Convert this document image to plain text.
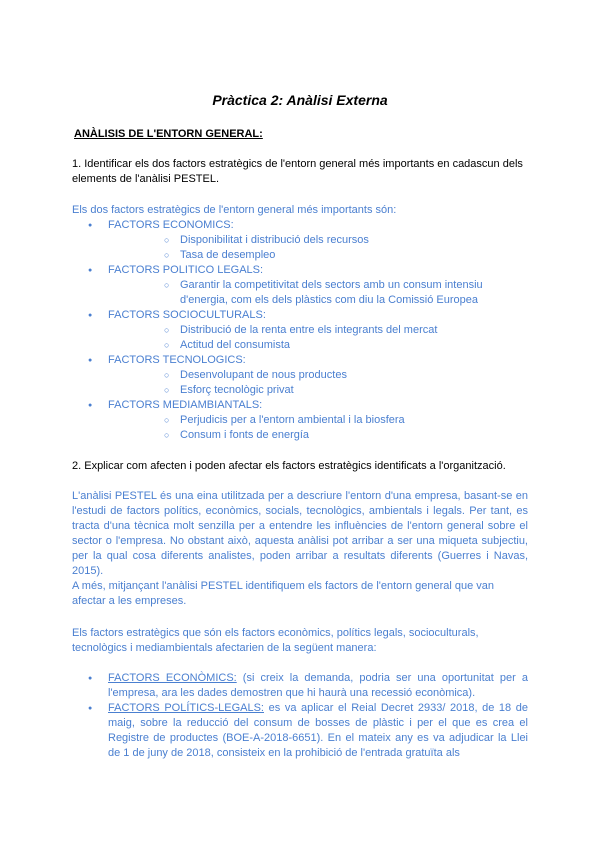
Pràctica 2: Anàlisi Externa
ANÀLISIS DE L'ENTORN GENERAL:
1. Identificar els dos factors estratègics de l'entorn general més importants en cadascun dels elements de l'anàlisi PESTEL.
Els dos factors estratègics de l'entorn general més importants són:
● FACTORS ECONOMICS:
○ Disponibilitat i distribució dels recursos
○ Tasa de desempleo
● FACTORS POLITICO LEGALS:
○ Garantir la competitivitat dels sectors amb un consum intensiu d'energia, com els dels plàstics com diu la Comissió Europea
● FACTORS SOCIOCULTURALS:
○ Distribució de la renta entre els integrants del mercat
○ Actitud del consumista
● FACTORS TECNOLOGICS:
○ Desenvolupant de nous productes
○ Esforç tecnològic privat
● FACTORS MEDIAMBIANTALS:
○ Perjudicis per a l'entorn ambiental i la biosfera
○ Consum i fonts de energía
2. Explicar com afecten i poden afectar els factors estratègics identificats a l'organització.
L'anàlisi PESTEL és una eina utilitzada per a descriure l'entorn d'una empresa, basant-se en l'estudi de factors polítics, econòmics, socials, tecnològics, ambientals i legals. Per tant, es tracta d'una tècnica molt senzilla per a entendre les influències de l'entorn general sobre el sector o l'empresa. No obstant això, aquesta anàlisi pot arribar a ser una miqueta subjectiu, per la qual cosa diferents analistes, poden arribar a resultats diferents (Guerres i Navas, 2015).
A més, mitjançant l'anàlisi PESTEL identifiquem els factors de l'entorn general que van afectar a les empreses.
Els factors estratègics que són els factors econòmics, polítics legals, socioculturals, tecnològics i mediambientals afectarien de la següent manera:
● FACTORS ECONÒMICS: (si creix la demanda, podria ser una oportunitat per a l'empresa, ara les dades demostren que hi haurà una recessió econòmica).
● FACTORS POLÍTICS-LEGALS: es va aplicar el Reial Decret 2933/ 2018, de 18 de maig, sobre la reducció del consum de bosses de plàstic i per el que es crea el Registre de productes (BOE-A-2018-6651). En el mateix any es va adjudicar la Llei de 1 de juny de 2018, consisteix en la prohibició de l'entrada gratuïta als
